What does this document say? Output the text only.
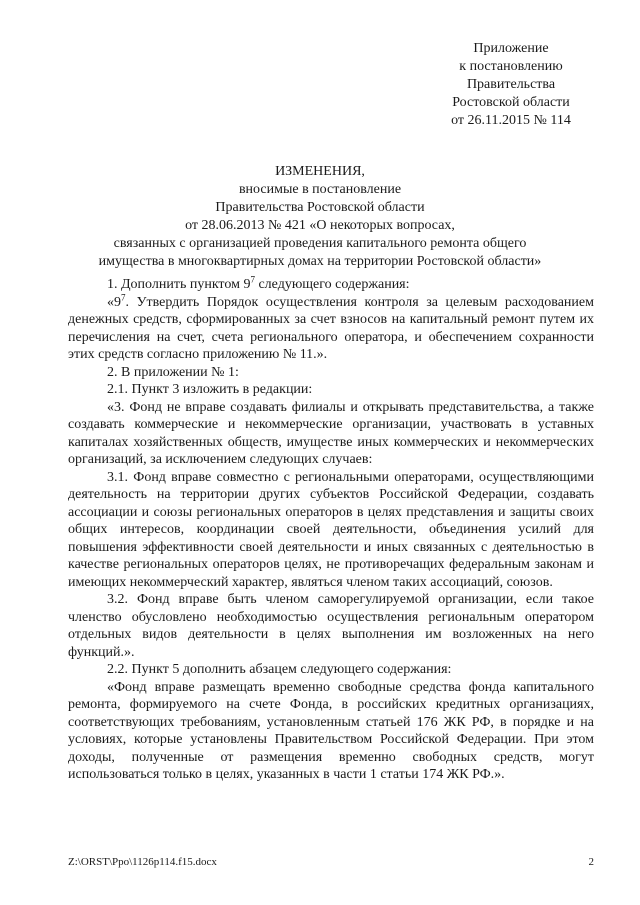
Приложение
к постановлению
Правительства
Ростовской области
от 26.11.2015 № 114
ИЗМЕНЕНИЯ,
вносимые в постановление
Правительства Ростовской области
от 28.06.2013 № 421 «О некоторых вопросах,
связанных с организацией проведения капитального ремонта общего
имущества в многоквартирных домах на территории Ростовской области»

1. Дополнить пунктом $9^7$ следующего содержания:

«$9^7$. Утвердить Порядок осуществления контроля за целевым расходованием денежных средств, сформированных за счет взносов на капитальный ремонт путем их перечисления на счет, счета регионального оператора, и обеспечением сохранности этих средств согласно приложению № 11.».

2. В приложении № 1:

2.1. Пункт 3 изложить в редакции:

«3. Фонд не вправе создавать филиалы и открывать представительства, а также создавать коммерческие и некоммерческие организации, участвовать в уставных капиталах хозяйственных обществ, имуществе иных коммерческих и некоммерческих организаций, за исключением следующих случаев:

3.1. Фонд вправе совместно с региональными операторами, осуществляющими деятельность на территории других субъектов Российской Федерации, создавать ассоциации и союзы региональных операторов в целях представления и защиты своих общих интересов, координации своей деятельности, объединения усилий для повышения эффективности своей деятельности и иных связанных с деятельностью в качестве региональных операторов целях, не противоречащих федеральным законам и имеющих некоммерческий характер, являться членом таких ассоциаций, союзов.

3.2. Фонд вправе быть членом саморегулируемой организации, если такое членство обусловлено необходимостью осуществления региональным оператором отдельных видов деятельности в целях выполнения им возложенных на него функций.».

2.2. Пункт 5 дополнить абзацем следующего содержания:

«Фонд вправе размещать временно свободные средства фонда капитального ремонта, формируемого на счете Фонда, в российских кредитных организациях, соответствующих требованиям, установленным статьей 176 ЖК РФ, в порядке и на условиях, которые установлены Правительством Российской Федерации. При этом доходы, полученные от размещения временно свободных средств, могут использоваться только в целях, указанных в части 1 статьи 174 ЖК РФ.».

Z:\ORST\Ppo\1126p114.f15.docx	2
